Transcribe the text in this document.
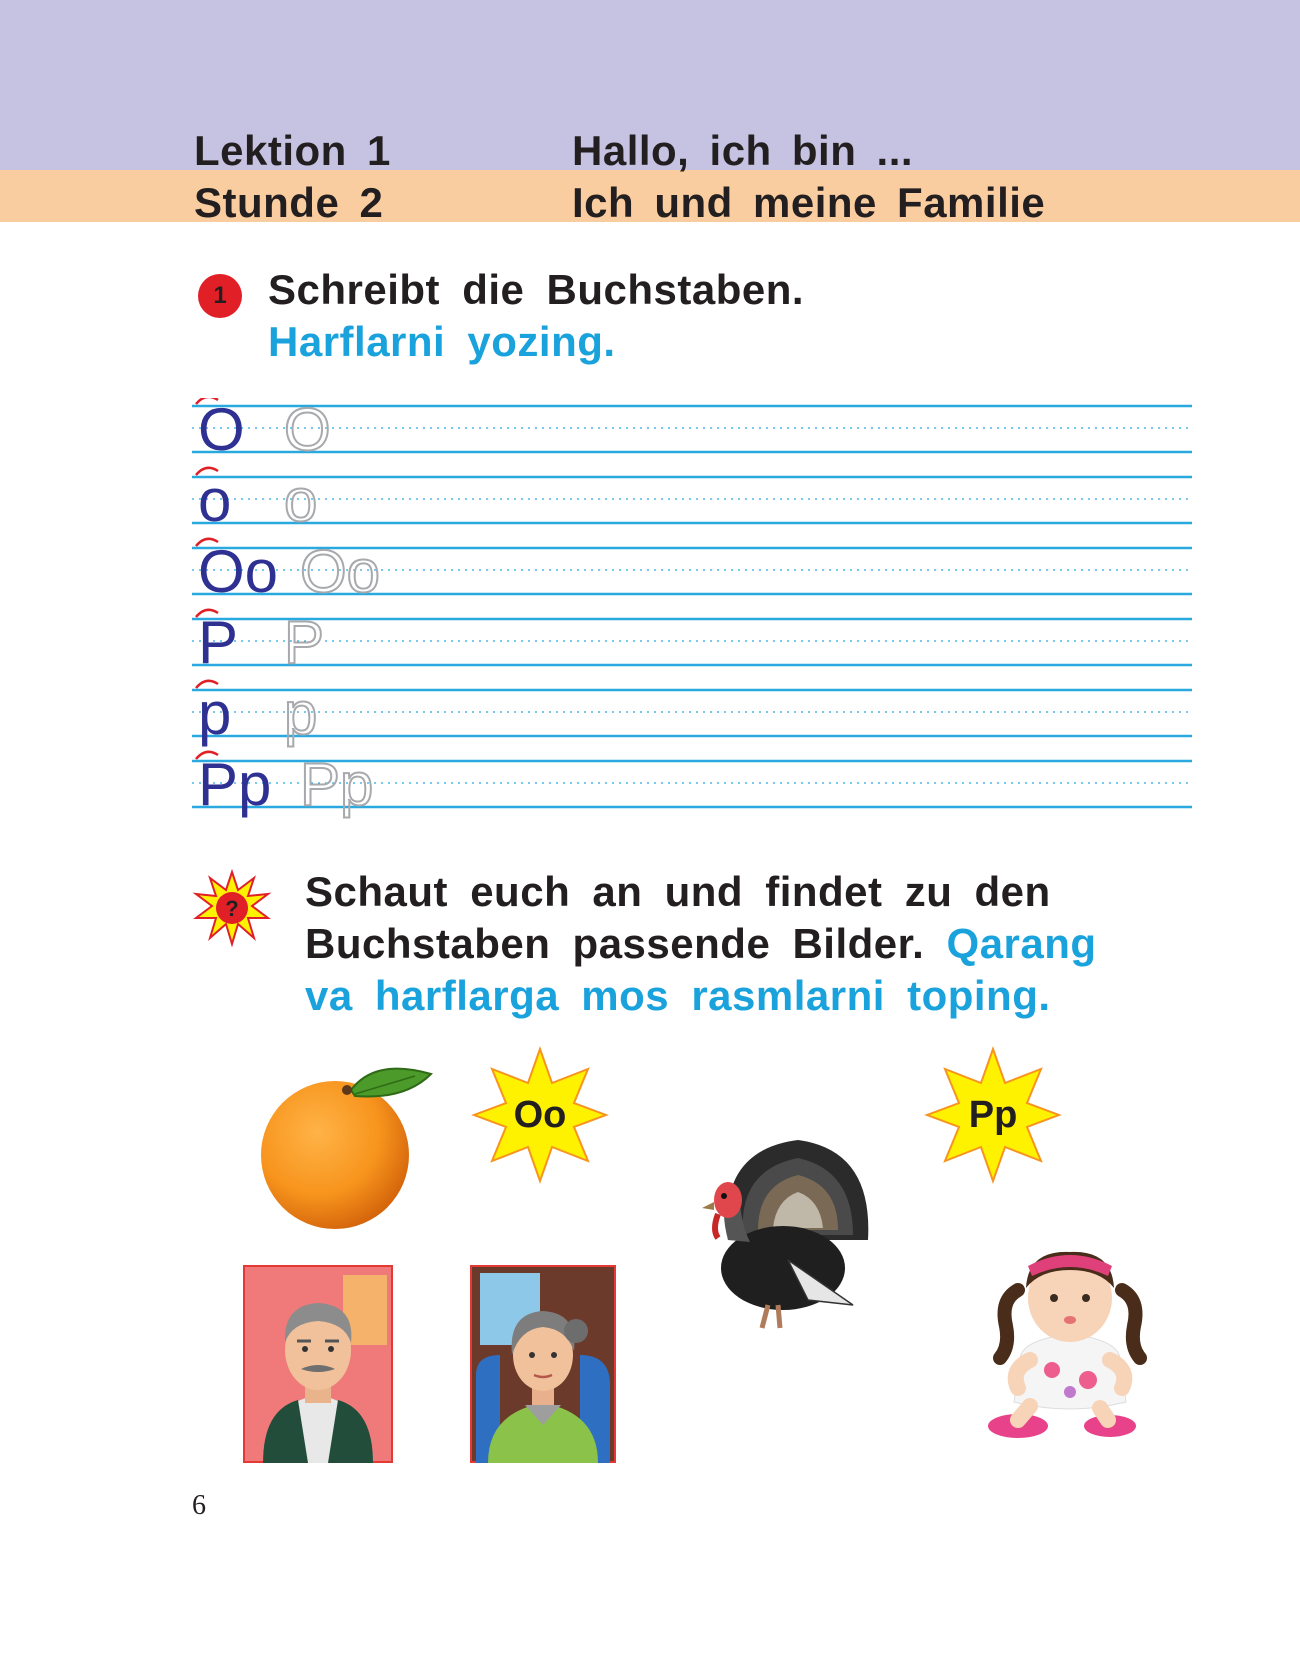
Lektion 1	Hallo, ich bin ...
Stunde 2	Ich und meine Familie
1 Schreibt die Buchstaben.
Harflarni yozing.
O O
o o
Oo Oo
P P
p p
Pp Pp
? Schaut euch an und findet zu den
Buchstaben passende Bilder. Qarang
va harflarga mos rasmlarni toping.
Oo	Pp
6
